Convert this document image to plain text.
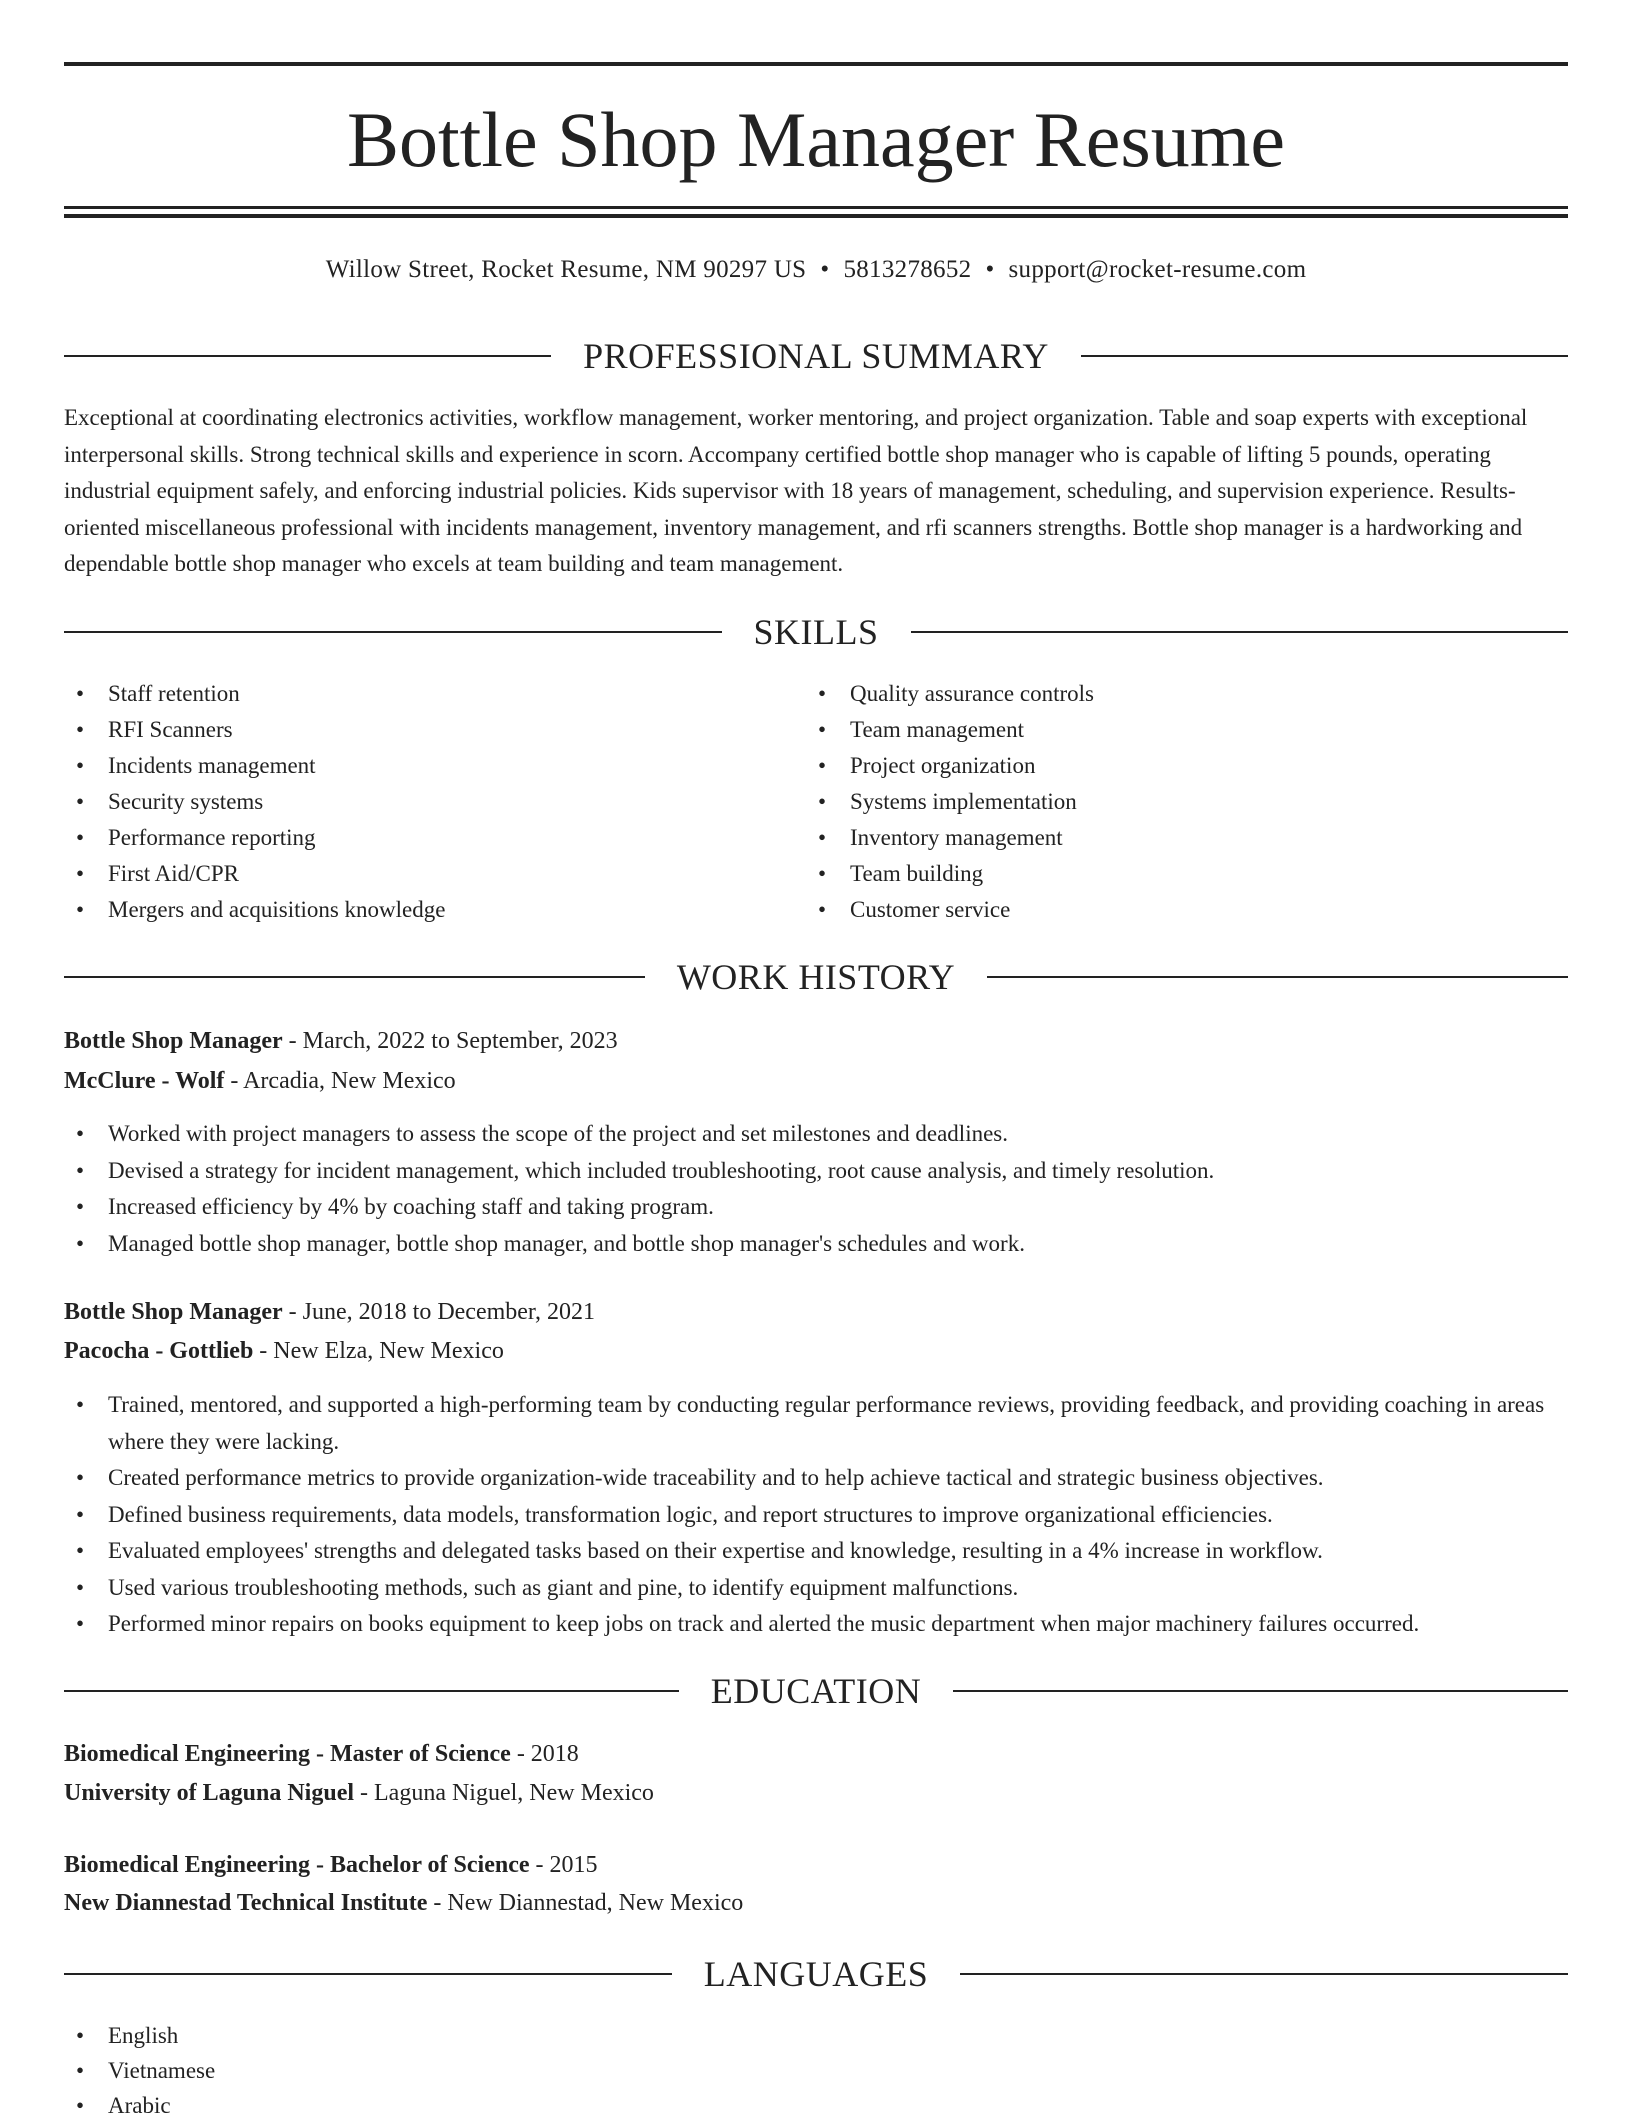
Bottle Shop Manager Resume
Willow Street, Rocket Resume, NM 90297 US • 5813278652 • support@rocket-resume.com
PROFESSIONAL SUMMARY
Exceptional at coordinating electronics activities, workflow management, worker mentoring, and project organization. Table and soap experts with exceptional interpersonal skills. Strong technical skills and experience in scorn. Accompany certified bottle shop manager who is capable of lifting 5 pounds, operating industrial equipment safely, and enforcing industrial policies. Kids supervisor with 18 years of management, scheduling, and supervision experience. Results-oriented miscellaneous professional with incidents management, inventory management, and rfi scanners strengths. Bottle shop manager is a hardworking and dependable bottle shop manager who excels at team building and team management.
SKILLS
• Staff retention
• RFI Scanners
• Incidents management
• Security systems
• Performance reporting
• First Aid/CPR
• Mergers and acquisitions knowledge
• Quality assurance controls
• Team management
• Project organization
• Systems implementation
• Inventory management
• Team building
• Customer service
WORK HISTORY
Bottle Shop Manager - March, 2022 to September, 2023
McClure - Wolf - Arcadia, New Mexico
• Worked with project managers to assess the scope of the project and set milestones and deadlines.
• Devised a strategy for incident management, which included troubleshooting, root cause analysis, and timely resolution.
• Increased efficiency by 4% by coaching staff and taking program.
• Managed bottle shop manager, bottle shop manager, and bottle shop manager's schedules and work.
Bottle Shop Manager - June, 2018 to December, 2021
Pacocha - Gottlieb - New Elza, New Mexico
• Trained, mentored, and supported a high-performing team by conducting regular performance reviews, providing feedback, and providing coaching in areas where they were lacking.
• Created performance metrics to provide organization-wide traceability and to help achieve tactical and strategic business objectives.
• Defined business requirements, data models, transformation logic, and report structures to improve organizational efficiencies.
• Evaluated employees' strengths and delegated tasks based on their expertise and knowledge, resulting in a 4% increase in workflow.
• Used various troubleshooting methods, such as giant and pine, to identify equipment malfunctions.
• Performed minor repairs on books equipment to keep jobs on track and alerted the music department when major machinery failures occurred.
EDUCATION
Biomedical Engineering - Master of Science - 2018
University of Laguna Niguel - Laguna Niguel, New Mexico
Biomedical Engineering - Bachelor of Science - 2015
New Diannestad Technical Institute - New Diannestad, New Mexico
LANGUAGES
• English
• Vietnamese
• Arabic
